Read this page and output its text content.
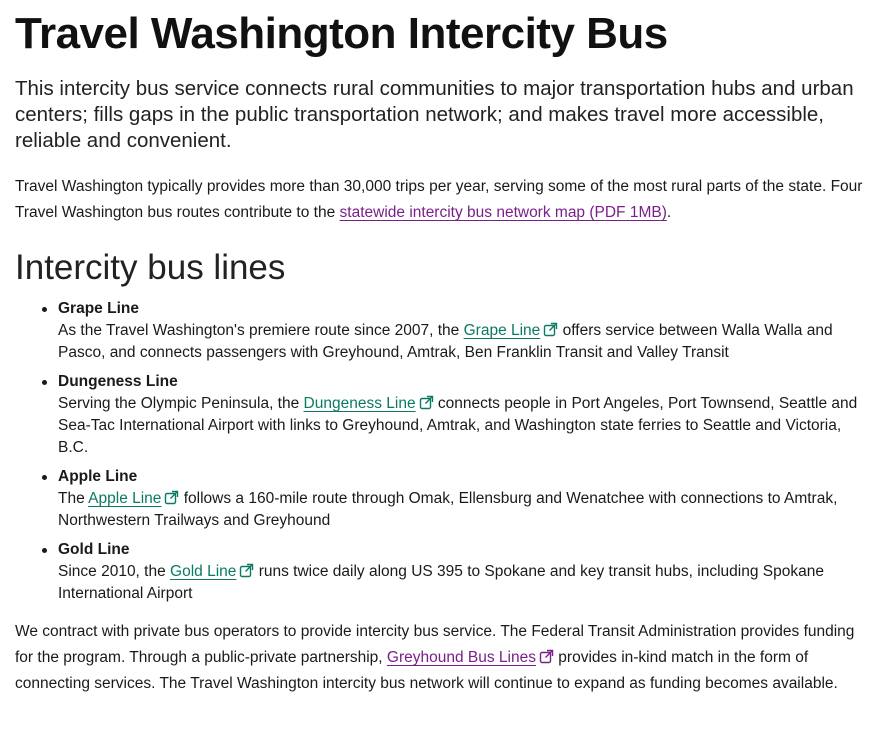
Travel Washington Intercity Bus

This intercity bus service connects rural communities to major transportation hubs and urban centers; fills gaps in the public transportation network; and makes travel more accessible, reliable and convenient.

Travel Washington typically provides more than 30,000 trips per year, serving some of the most rural parts of the state. Four Travel Washington bus routes contribute to the statewide intercity bus network map (PDF 1MB).

Intercity bus lines
Grape Line
As the Travel Washington's premiere route since 2007, the Grape Line
offers service between Walla Walla and Pasco, and connects passengers with Greyhound, Amtrak, Ben Franklin Transit and Valley Transit
Dungeness Line
Serving the Olympic Peninsula, the Dungeness Line
connects people in Port Angeles, Port Townsend, Seattle and Sea-Tac International Airport with links to Greyhound, Amtrak, and Washington state ferries to Seattle and Victoria, B.C.
Apple Line
The Apple Line
follows a 160-mile route through Omak, Ellensburg and Wenatchee with connections to Amtrak, Northwestern Trailways and Greyhound
Gold Line
Since 2010, the Gold Line
runs twice daily along US 395 to Spokane and key transit hubs, including Spokane International Airport

We contract with private bus operators to provide intercity bus service. The Federal Transit Administration provides funding for the program. Through a public-private partnership, Greyhound Bus Lines
provides in-kind match in the form of connecting services. The Travel Washington intercity bus network will continue to expand as funding becomes available.
